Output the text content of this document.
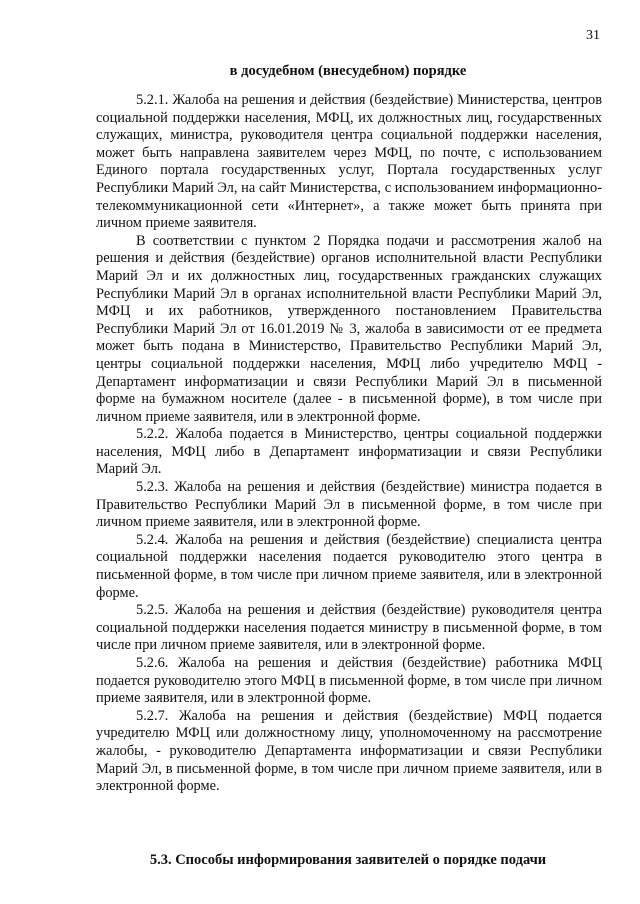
31
в досудебном (внесудебном) порядке

5.2.1. Жалоба на решения и действия (бездействие) Министерства, центров социальной поддержки населения, МФЦ, их должностных лиц, государственных служащих, министра, руководителя центра социальной поддержки населения, может быть направлена заявителем через МФЦ, по почте, с использованием Единого портала государственных услуг, Портала государственных услуг Республики Марий Эл, на сайт Министерства, с использованием информационно-телекоммуникационной сети «Интернет», а также может быть принята при личном приеме заявителя.

В соответствии с пунктом 2 Порядка подачи и рассмотрения жалоб на решения и действия (бездействие) органов исполнительной власти Республики Марий Эл и их должностных лиц, государственных гражданских служащих Республики Марий Эл в органах исполнительной власти Республики Марий Эл, МФЦ и их работников, утвержденного постановлением Правительства Республики Марий Эл от 16.01.2019 № 3, жалоба в зависимости от ее предмета может быть подана в Министерство, Правительство Республики Марий Эл, центры социальной поддержки населения, МФЦ либо учредителю МФЦ - Департамент информатизации и связи Республики Марий Эл в письменной форме на бумажном носителе (далее - в письменной форме), в том числе при личном приеме заявителя, или в электронной форме.

5.2.2. Жалоба подается в Министерство, центры социальной поддержки населения, МФЦ либо в Департамент информатизации и связи Республики Марий Эл.

5.2.3. Жалоба на решения и действия (бездействие) министра подается в Правительство Республики Марий Эл в письменной форме, в том числе при личном приеме заявителя, или в электронной форме.

5.2.4. Жалоба на решения и действия (бездействие) специалиста центра социальной поддержки населения подается руководителю этого центра в письменной форме, в том числе при личном приеме заявителя, или в электронной форме.

5.2.5. Жалоба на решения и действия (бездействие) руководителя центра социальной поддержки населения подается министру в письменной форме, в том числе при личном приеме заявителя, или в электронной форме.

5.2.6. Жалоба на решения и действия (бездействие) работника МФЦ подается руководителю этого МФЦ в письменной форме, в том числе при личном приеме заявителя, или в электронной форме.

5.2.7. Жалоба на решения и действия (бездействие) МФЦ подается учредителю МФЦ или должностному лицу, уполномоченному на рассмотрение жалобы, - руководителю Департамента информатизации и связи Республики Марий Эл, в письменной форме, в том числе при личном приеме заявителя, или в электронной форме.

5.3. Способы информирования заявителей о порядке подачи
